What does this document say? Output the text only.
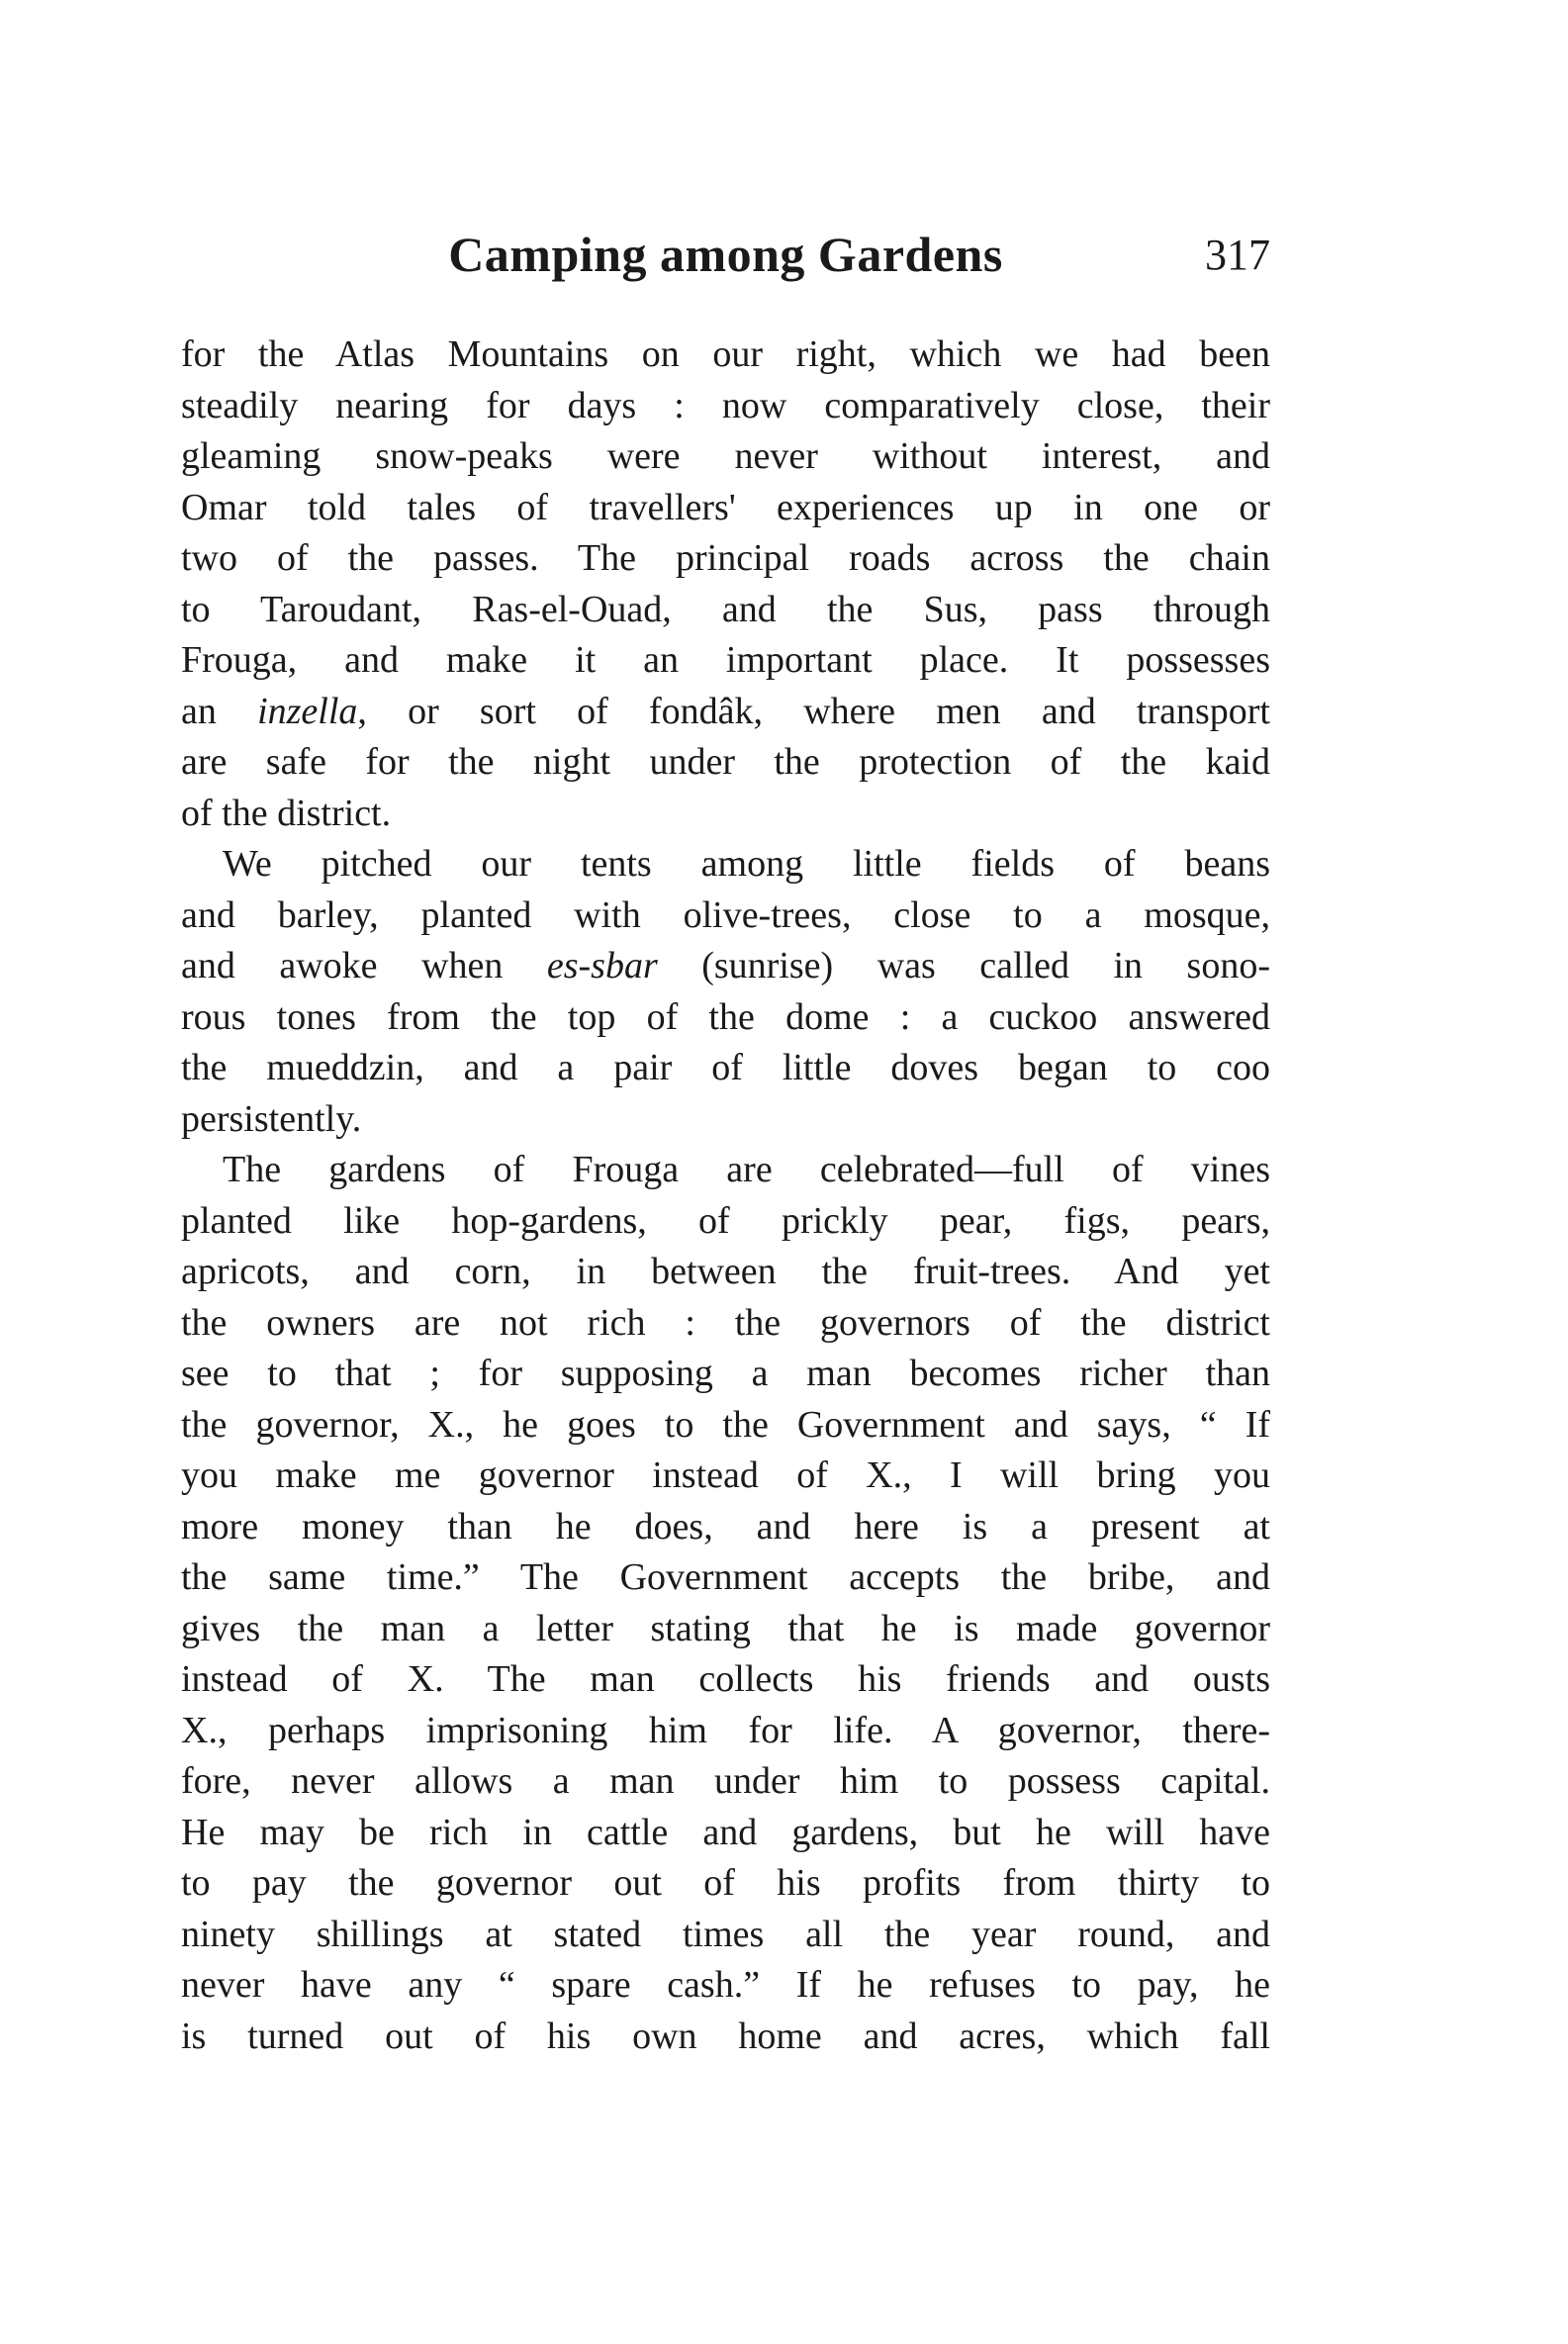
Camping among Gardens	317
for the Atlas Mountains on our right, which we had been
steadily nearing for days : now comparatively close, their
gleaming snow-peaks were never without interest, and
Omar told tales of travellers' experiences up in one or
two of the passes. The principal roads across the chain
to Taroudant, Ras-el-Ouad, and the Sus, pass through
Frouga, and make it an important place. It possesses
an inzella, or sort of fondâk, where men and transport
are safe for the night under the protection of the kaid
of the district.
We pitched our tents among little fields of beans
and barley, planted with olive-trees, close to a mosque,
and awoke when es-sbar (sunrise) was called in sono-
rous tones from the top of the dome : a cuckoo answered
the mueddzin, and a pair of little doves began to coo
persistently.
The gardens of Frouga are celebrated—full of vines
planted like hop-gardens, of prickly pear, figs, pears,
apricots, and corn, in between the fruit-trees. And yet
the owners are not rich : the governors of the district
see to that ; for supposing a man becomes richer than
the governor, X., he goes to the Government and says, “ If
you make me governor instead of X., I will bring you
more money than he does, and here is a present at
the same time.” The Government accepts the bribe, and
gives the man a letter stating that he is made governor
instead of X. The man collects his friends and ousts
X., perhaps imprisoning him for life. A governor, there-
fore, never allows a man under him to possess capital.
He may be rich in cattle and gardens, but he will have
to pay the governor out of his profits from thirty to
ninety shillings at stated times all the year round, and
never have any “ spare cash.” If he refuses to pay, he
is turned out of his own home and acres, which fall
